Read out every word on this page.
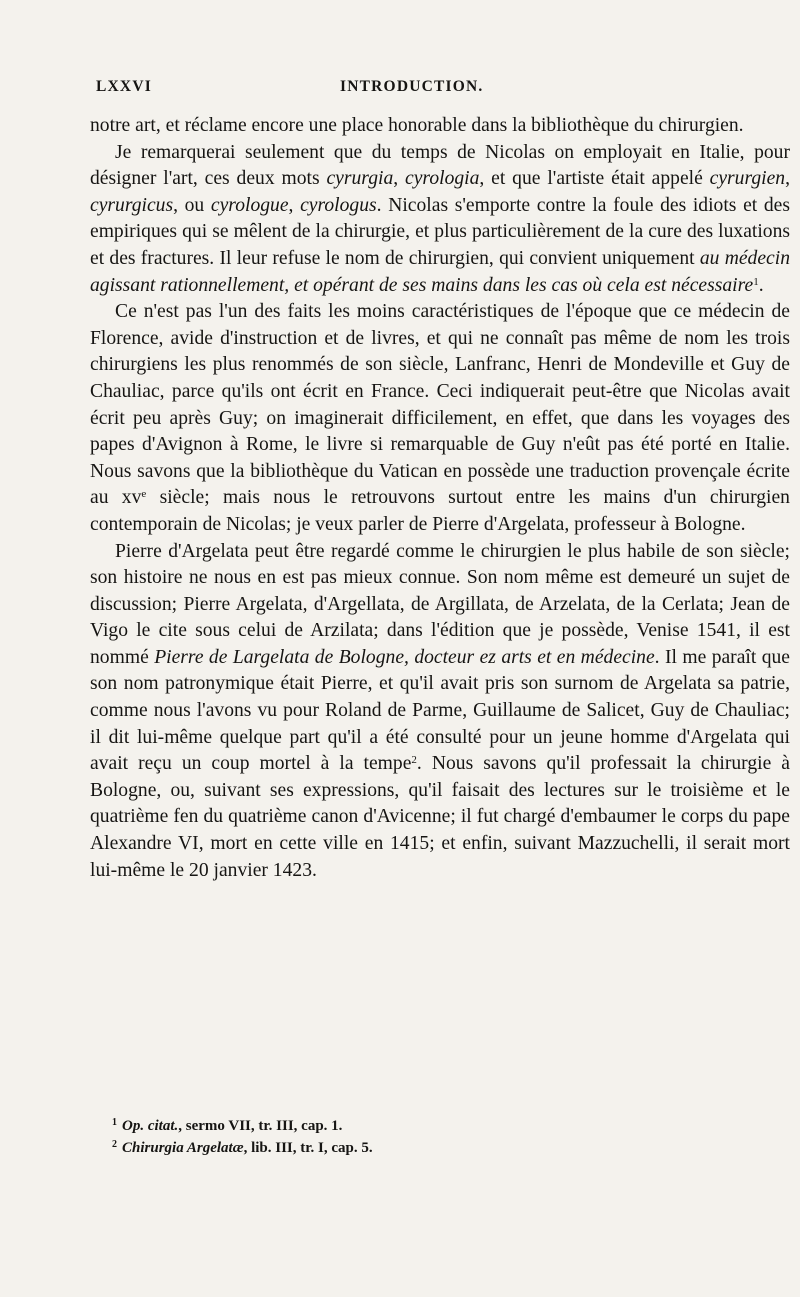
LXXVI	INTRODUCTION.

notre art, et réclame encore une place honorable dans la bibliothèque du chirurgien.

Je remarquerai seulement que du temps de Nicolas on employait en Italie, pour désigner l'art, ces deux mots cyrurgia, cyrologia, et que l'artiste était appelé cyrurgien, cyrurgicus, ou cyrologue, cyrologus. Nicolas s'emporte contre la foule des idiots et des empiriques qui se mêlent de la chirurgie, et plus particulièrement de la cure des luxations et des fractures. Il leur refuse le nom de chirurgien, qui convient uniquement au médecin agissant rationnellement, et opérant de ses mains dans les cas où cela est nécessaire$^1$.

Ce n'est pas l'un des faits les moins caractéristiques de l'époque que ce médecin de Florence, avide d'instruction et de livres, et qui ne connaît pas même de nom les trois chirurgiens les plus renommés de son siècle, Lanfranc, Henri de Mondeville et Guy de Chauliac, parce qu'ils ont écrit en France. Ceci indiquerait peut-être que Nicolas avait écrit peu après Guy; on imaginerait difficilement, en effet, que dans les voyages des papes d'Avignon à Rome, le livre si remarquable de Guy n'eût pas été porté en Italie. Nous savons que la bibliothèque du Vatican en possède une traduction provençale écrite au $xv^e$ siècle; mais nous le retrouvons surtout entre les mains d'un chirurgien contemporain de Nicolas; je veux parler de Pierre d'Argelata, professeur à Bologne.

Pierre d'Argelata peut être regardé comme le chirurgien le plus habile de son siècle; son histoire ne nous en est pas mieux connue. Son nom même est demeuré un sujet de discussion; Pierre Argelata, d'Argellata, de Argillata, de Arzelata, de la Cerlata; Jean de Vigo le cite sous celui de Arzilata; dans l'édition que je possède, Venise 1541, il est nommé Pierre de Largelata de Bologne, docteur ez arts et en médecine. Il me paraît que son nom patronymique était Pierre, et qu'il avait pris son surnom de Argelata sa patrie, comme nous l'avons vu pour Roland de Parme, Guillaume de Salicet, Guy de Chauliac; il dit lui-même quelque part qu'il a été consulté pour un jeune homme d'Argelata qui avait reçu un coup mortel à la tempe$^2$. Nous savons qu'il professait la chirurgie à Bologne, ou, suivant ses expressions, qu'il faisait des lectures sur le troisième et le quatrième fen du quatrième canon d'Avicenne; il fut chargé d'embaumer le corps du pape Alexandre VI, mort en cette ville en 1415; et enfin, suivant Mazzuchelli, il serait mort lui-même le 20 janvier 1423.

$^1$ Op. citat., sermo VII, tr. III, cap. 1.
$^2$ Chirurgia Argelatæ, lib. III, tr. I, cap. 5.
